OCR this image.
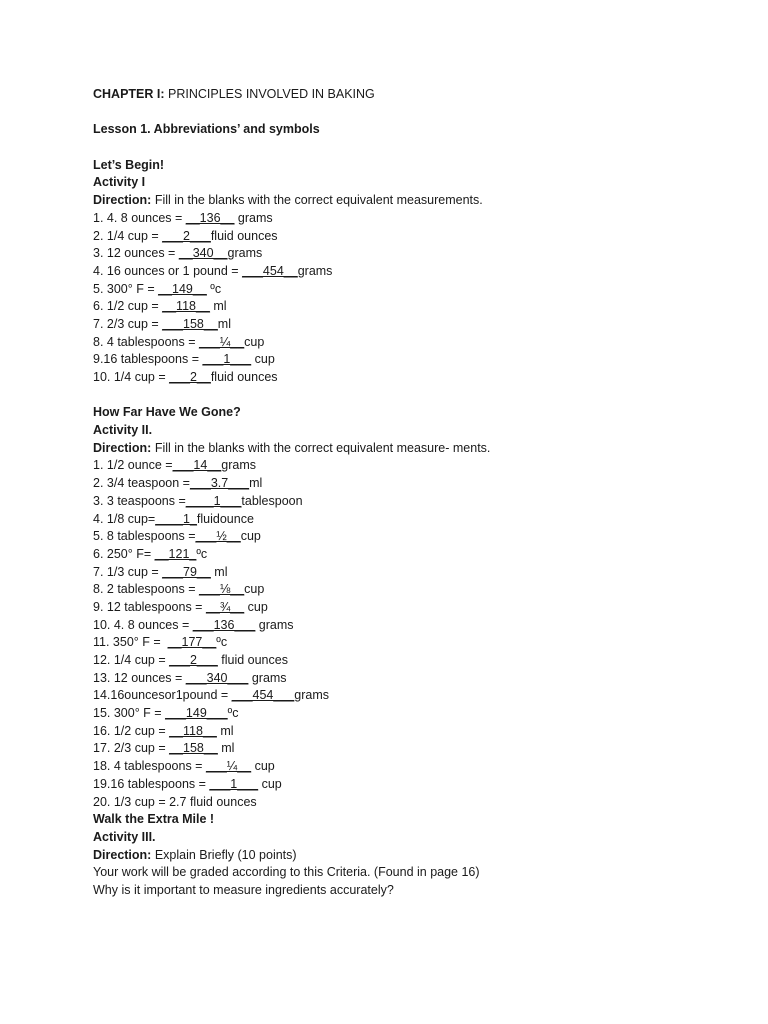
CHAPTER I: PRINCIPLES INVOLVED IN BAKING
Lesson 1. Abbreviations’ and symbols
Let’s Begin!
Activity I
Direction: Fill in the blanks with the correct equivalent measurements.
1. 4. 8 ounces = __136__ grams
2. 1/4 cup = ___2___fluid ounces
3. 12 ounces = __340__grams
4. 16 ounces or 1 pound = ___454__grams
5. 300° F = __149__ ºc
6. 1/2 cup = __118__ ml
7. 2/3 cup = ___158__ml
8. 4 tablespoons = ___¼__cup
9.16 tablespoons = ___1___ cup
10. 1/4 cup = ___2__fluid ounces
How Far Have We Gone?
Activity II.
Direction: Fill in the blanks with the correct equivalent measure- ments.
1. 1/2 ounce =___14__grams
2. 3/4 teaspoon =___3.7___ml
3. 3 teaspoons =____1___tablespoon
4. 1/8 cup=____1_fluidounce
5. 8 tablespoons =___½__cup
6. 250° F= __121_ºc
7. 1/3 cup = ___79__ ml
8. 2 tablespoons = ___⅛__cup
9. 12 tablespoons = __¾__ cup
10. 4. 8 ounces = ___136___ grams
11. 350° F =  __177__ºc
12. 1/4 cup = ___2___ fluid ounces
13. 12 ounces = ___340___ grams
14.16ouncesor1pound = ___454___grams
15. 300° F = ___149___ºc
16. 1/2 cup = __118__ ml
17. 2/3 cup = __158__ ml
18. 4 tablespoons = ___¼__ cup
19.16 tablespoons = ___1___ cup
20. 1/3 cup = 2.7 fluid ounces
Walk the Extra Mile !
Activity III.
Direction: Explain Briefly (10 points)
Your work will be graded according to this Criteria. (Found in page 16)
Why is it important to measure ingredients accurately?
